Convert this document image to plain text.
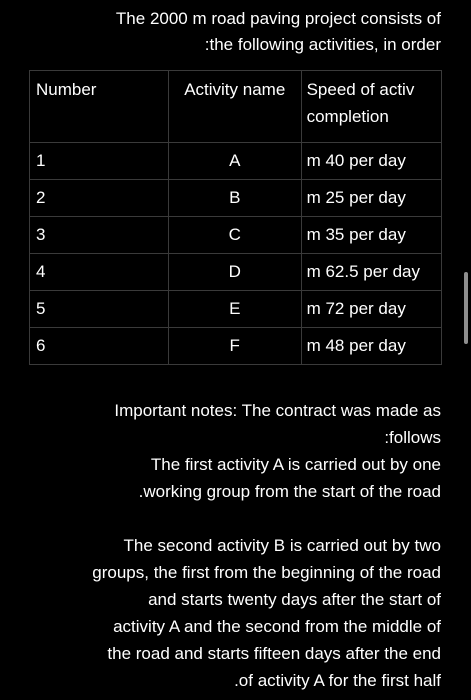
The 2000 m road paving project consists of
:the following activities, in order
Number	Activity name	Speed of activ completion
1	A	m 40 per day
2	B	m 25 per day
3	C	m 35 per day
4	D	m 62.5 per day
5	E	m 72 per day
6	F	m 48 per day
Important notes: The contract was made as
:follows
The first activity A is carried out by one
.working group from the start of the road
The second activity B is carried out by two
groups, the first from the beginning of the road
and starts twenty days after the start of
activity A and the second from the middle of
the road and starts fifteen days after the end
.of activity A for the first half
